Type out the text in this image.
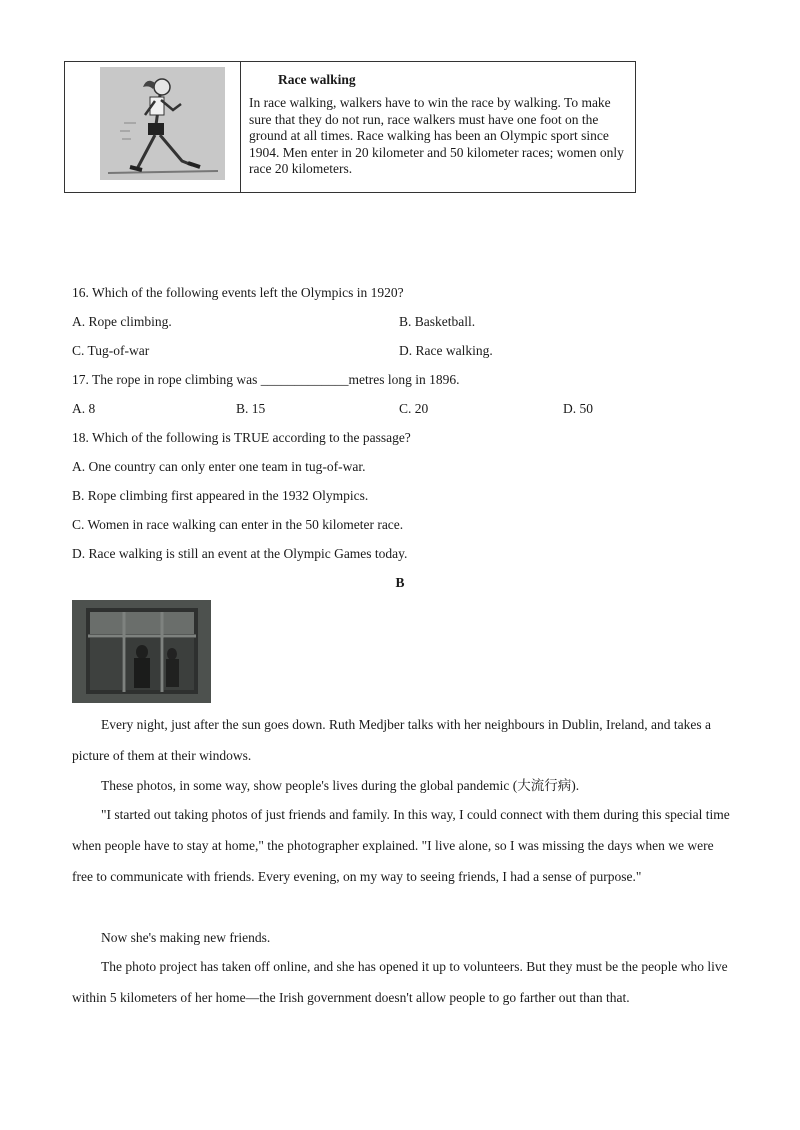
Race walking
In race walking, walkers have to win the race by walking. To make sure that they do not run, race walkers must have one foot on the ground at all times. Race walking has been an Olympic sport since 1904. Men enter in 20 kilometer and 50 kilometer races; women only race 20 kilometers.
16. Which of the following events left the Olympics in 1920?
A. Rope climbing.	B. Basketball.
C. Tug-of-war	D. Race walking.
17. The rope in rope climbing was _____________metres long in 1896.
A. 8	B. 15	C. 20	D. 50
18. Which of the following is TRUE according to the passage?
A. One country can only enter one team in tug-of-war.
B. Rope climbing first appeared in the 1932 Olympics.
C. Women in race walking can enter in the 50 kilometer race.
D. Race walking is still an event at the Olympic Games today.
B
Every night, just after the sun goes down. Ruth Medjber talks with her neighbours in Dublin, Ireland, and takes a picture of them at their windows.
These photos, in some way, show people's lives during the global pandemic (大流行病).
"I started out taking photos of just friends and family. In this way, I could connect with them during this special time when people have to stay at home," the photographer explained. "I live alone, so I was missing the days when we were free to communicate with friends. Every evening, on my way to seeing friends, I had a sense of purpose."
Now she's making new friends.
The photo project has taken off online, and she has opened it up to volunteers. But they must be the people who live within 5 kilometers of her home—the Irish government doesn't allow people to go farther out than that.
